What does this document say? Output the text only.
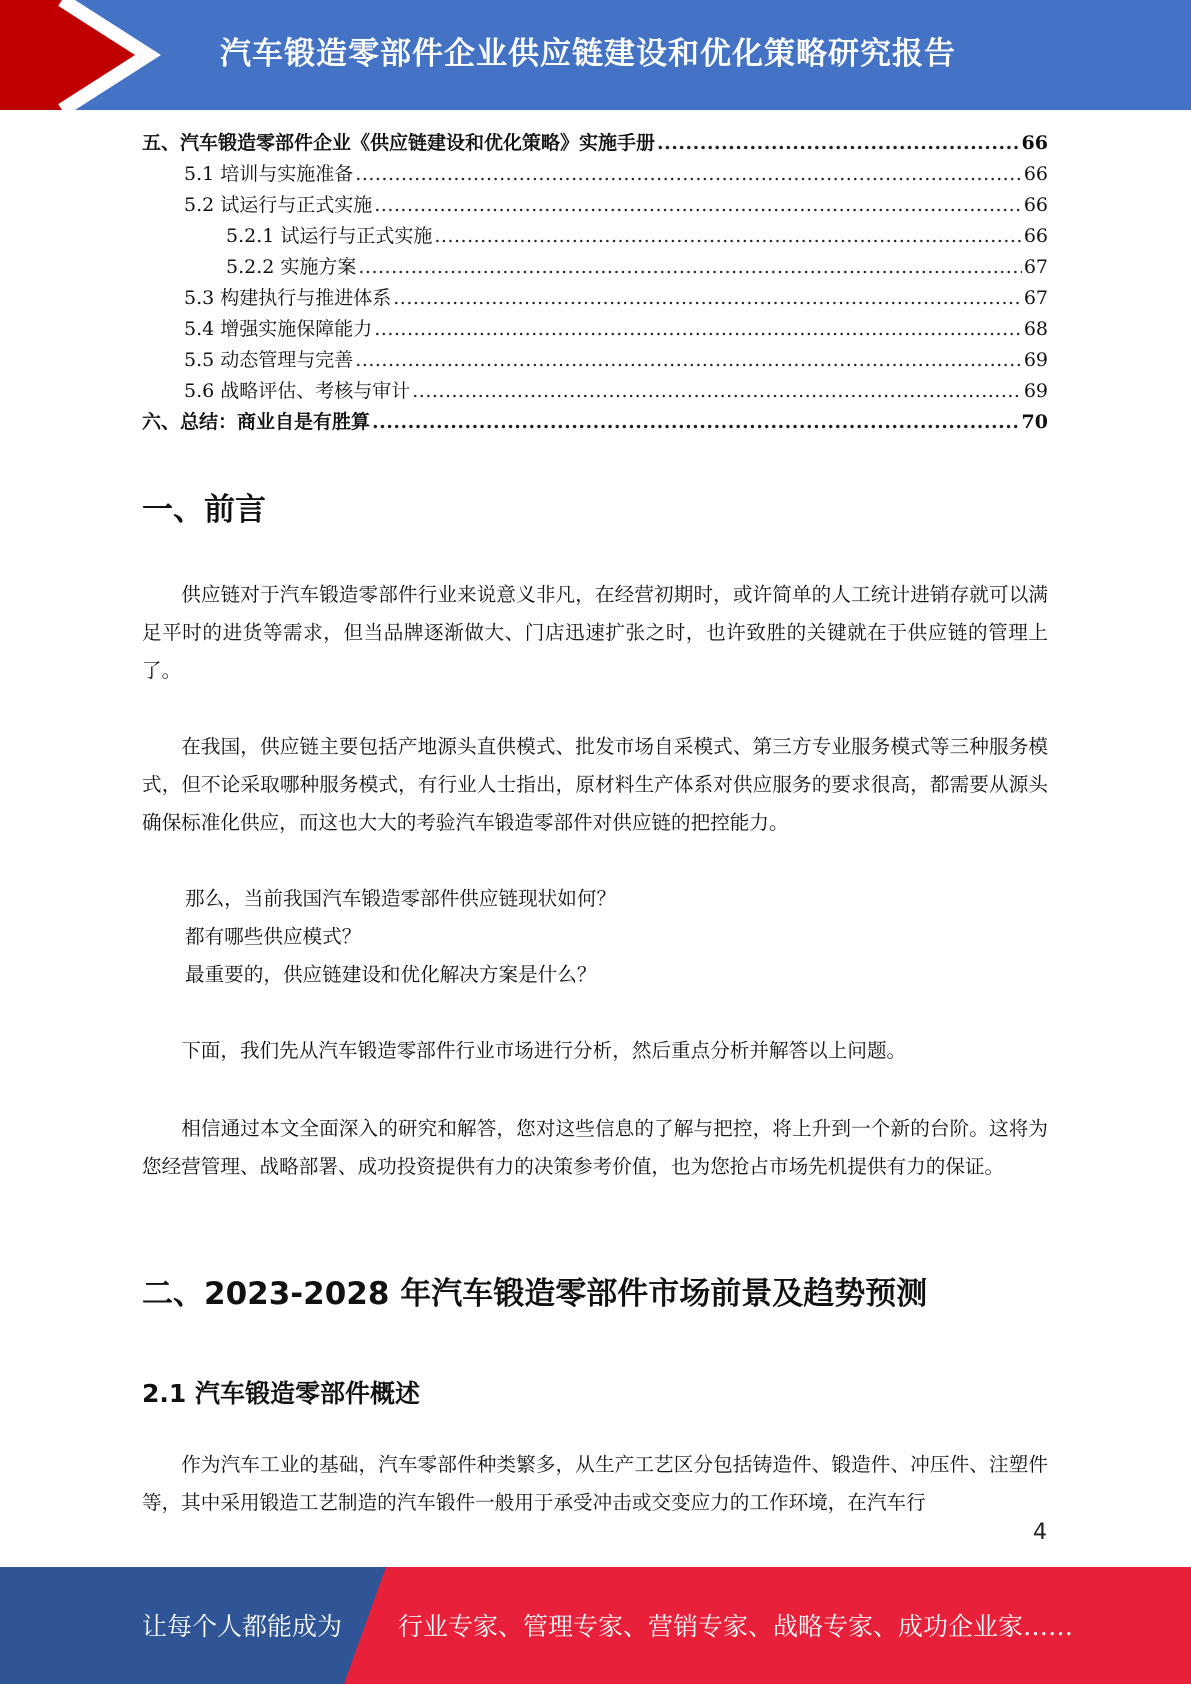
汽车锻造零部件企业供应链建设和优化策略研究报告
五、汽车锻造零部件企业《供应链建设和优化策略》实施手册 .....	66
5.1 培训与实施准备 .....	66
5.2 试运行与正式实施 .....	66
5.2.1 试运行与正式实施 .....	66
5.2.2 实施方案 .....	67
5.3 构建执行与推进体系 .....	67
5.4 增强实施保障能力 .....	68
5.5 动态管理与完善 .....	69
5.6 战略评估、考核与审计 .....	69
六、总结：商业自是有胜算 .....	70
一、前言

供应链对于汽车锻造零部件行业来说意义非凡，在经营初期时，或许简单的人工统计进销存就可以满足平时的进货等需求，但当品牌逐渐做大、门店迅速扩张之时，也许致胜的关键就在于供应链的管理上了。

在我国，供应链主要包括产地源头直供模式、批发市场自采模式、第三方专业服务模式等三种服务模式，但不论采取哪种服务模式，有行业人士指出，原材料生产体系对供应服务的要求很高，都需要从源头确保标准化供应，而这也大大的考验汽车锻造零部件对供应链的把控能力。

那么，当前我国汽车锻造零部件供应链现状如何？
都有哪些供应模式？
最重要的，供应链建设和优化解决方案是什么？

下面，我们先从汽车锻造零部件行业市场进行分析，然后重点分析并解答以上问题。

相信通过本文全面深入的研究和解答，您对这些信息的了解与把控，将上升到一个新的台阶。这将为您经营管理、战略部署、成功投资提供有力的决策参考价值，也为您抢占市场先机提供有力的保证。

二、2023-2028 年汽车锻造零部件市场前景及趋势预测
2.1 汽车锻造零部件概述

作为汽车工业的基础，汽车零部件种类繁多，从生产工艺区分包括铸造件、锻造件、冲压件、注塑件等，其中采用锻造工艺制造的汽车锻件一般用于承受冲击或交变应力的工作环境，在汽车行

4
让每个人都能成为 行业专家、管理专家、营销专家、战略专家、成功企业家……
